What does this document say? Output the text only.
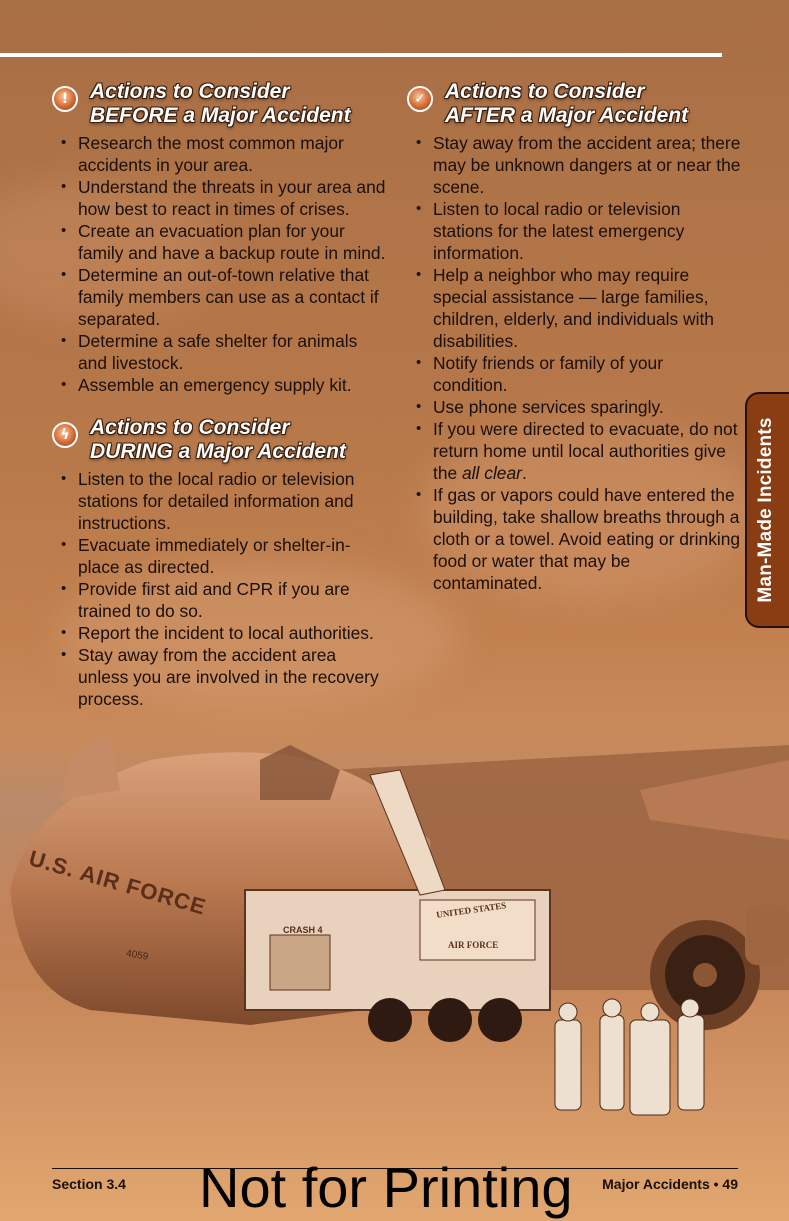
U.S. AIR FORCE
4059
UNITED STATES
AIR FORCE
CRASH 4
!	Actions to Consider
BEFORE a Major Accident
• Research the most common major accidents in your area.
• Understand the threats in your area and how best to react in times of crises.
• Create an evacuation plan for your family and have a backup route in mind.
• Determine an out-of-town relative that family members can use as a contact if separated.
• Determine a safe shelter for animals and livestock.
• Assemble an emergency supply kit.
ϟ Actions to Consider
DURING a Major Accident
• Listen to the local radio or television stations for detailed information and instructions.
• Evacuate immediately or shelter-in-place as directed.
• Provide first aid and CPR if you are trained to do so.
• Report the incident to local authorities.
• Stay away from the accident area unless you are involved in the recovery process.
✓ Actions to Consider
AFTER a Major Accident
• Stay away from the accident area; there may be unknown dangers at or near the scene.
• Listen to local radio or television stations for the latest emergency information.
• Help a neighbor who may require special assistance — large families, children, elderly, and individuals with disabilities.
• Notify friends or family of your condition.
• Use phone services sparingly.
• If you were directed to evacuate, do not return home until local authorities give the all clear.
• If gas or vapors could have entered the building, take shallow breaths through a cloth or a towel. Avoid eating or drinking food or water that may be contaminated.	Man-Made Incidents
Section 3.4	Major Accidents • 49
Not for Printing
